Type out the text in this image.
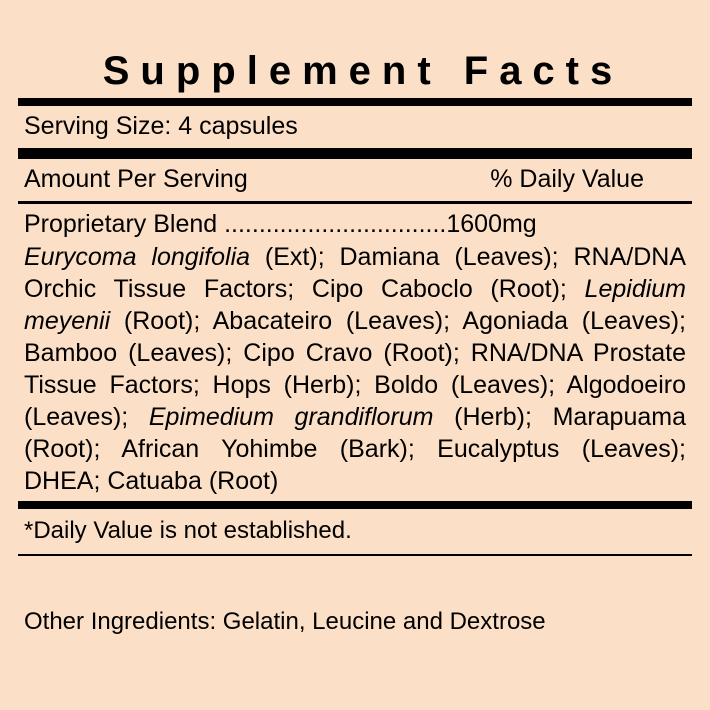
Supplement Facts
Serving Size: 4 capsules
Amount Per Serving	% Daily Value
Proprietary Blend ................................1600mg
Eurycoma longifolia (Ext); Damiana (Leaves); RNA/DNA Orchic Tissue Factors; Cipo Caboclo (Root); Lepidium meyenii (Root); Abacateiro (Leaves); Agoniada (Leaves); Bamboo (Leaves); Cipo Cravo (Root); RNA/DNA Prostate Tissue Factors; Hops (Herb); Boldo (Leaves); Algodoeiro (Leaves); Epimedium grandiflorum (Herb); Marapuama (Root); African Yohimbe (Bark); Eucalyptus (Leaves); DHEA; Catuaba (Root)
*Daily Value is not established.
Other Ingredients: Gelatin, Leucine and Dextrose
